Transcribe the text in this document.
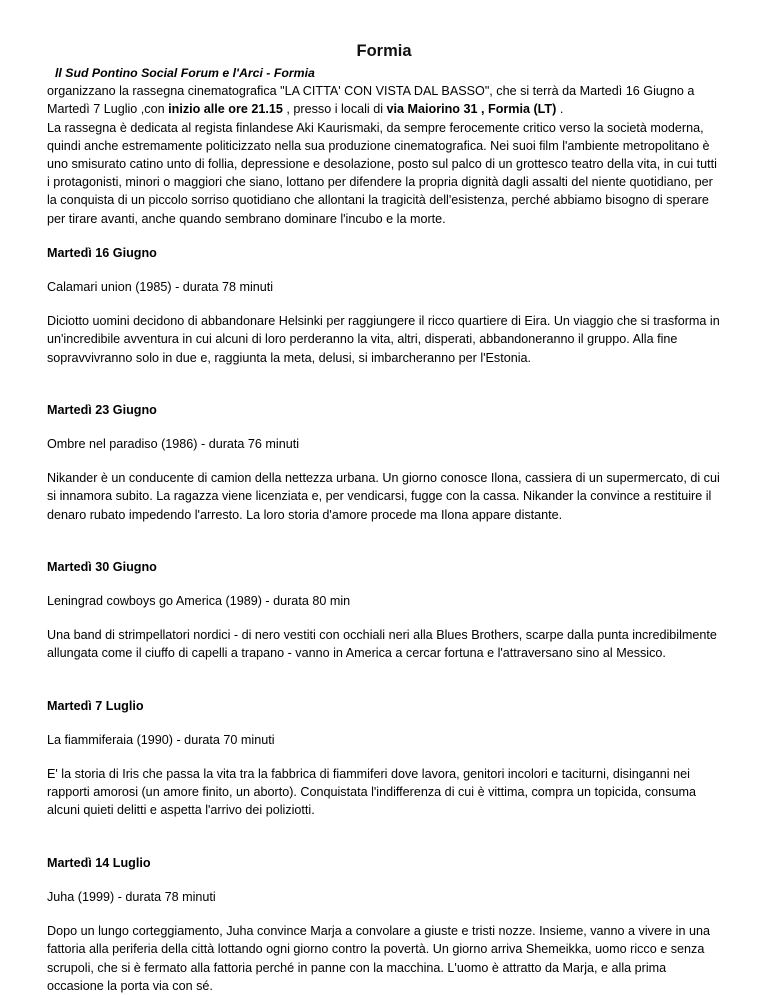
Formia
ll Sud Pontino Social Forum e l'Arci - Formia

organizzano la rassegna cinematografica "LA CITTA' CON VISTA DAL BASSO", che si terrà da Martedì 16 Giugno a Martedì 7 Luglio ,con inizio alle ore 21.15 , presso i locali di via Maiorino 31 , Formia (LT) .

La rassegna è dedicata al regista finlandese Aki Kaurismaki, da sempre ferocemente critico verso la società moderna, quindi anche estremamente politicizzato nella sua produzione cinematografica. Nei suoi film l'ambiente metropolitano è uno smisurato catino unto di follia, depressione e desolazione, posto sul palco di un grottesco teatro della vita, in cui tutti i protagonisti, minori o maggiori che siano, lottano per difendere la propria dignità dagli assalti del niente quotidiano, per la conquista di un piccolo sorriso quotidiano che allontani la tragicità dell'esistenza, perché abbiamo bisogno di sperare per tirare avanti, anche quando sembrano dominare l'incubo e la morte.

Martedì 16 Giugno
Calamari union (1985) - durata 78 minuti
Diciotto uomini decidono di abbandonare Helsinki per raggiungere il ricco quartiere di Eira. Un viaggio che si trasforma in un'incredibile avventura in cui alcuni di loro perderanno la vita, altri, disperati, abbandoneranno il gruppo. Alla fine sopravvivranno solo in due e, raggiunta la meta, delusi, si imbarcheranno per l'Estonia.
Martedì 23 Giugno
Ombre nel paradiso (1986) - durata 76 minuti
Nikander è un conducente di camion della nettezza urbana. Un giorno conosce Ilona, cassiera di un supermercato, di cui si innamora subito. La ragazza viene licenziata e, per vendicarsi, fugge con la cassa. Nikander la convince a restituire il denaro rubato impedendo l'arresto. La loro storia d'amore procede ma Ilona appare distante.
Martedì 30 Giugno
Leningrad cowboys go America (1989) - durata 80 min
Una band di strimpellatori nordici - di nero vestiti con occhiali neri alla Blues Brothers, scarpe dalla punta incredibilmente allungata come il ciuffo di capelli a trapano - vanno in America a cercar fortuna e l'attraversano sino al Messico.
Martedì 7 Luglio
La fiammiferaia (1990) - durata 70 minuti
E' la storia di Iris che passa la vita tra la fabbrica di fiammiferi dove lavora, genitori incolori e taciturni, disinganni nei rapporti amorosi (un amore finito, un aborto). Conquistata l'indifferenza di cui è vittima, compra un topicida, consuma alcuni quieti delitti e aspetta l'arrivo dei poliziotti.
Martedì 14 Luglio
Juha (1999) - durata 78 minuti
Dopo un lungo corteggiamento, Juha convince Marja a convolare a giuste e tristi nozze. Insieme, vanno a vivere in una fattoria alla periferia della città lottando ogni giorno contro la povertà. Un giorno arriva Shemeikka, uomo ricco e senza scrupoli, che si è fermato alla fattoria perché in panne con la macchina. L'uomo è attratto da Marja, e alla prima occasione la porta via con sé.
